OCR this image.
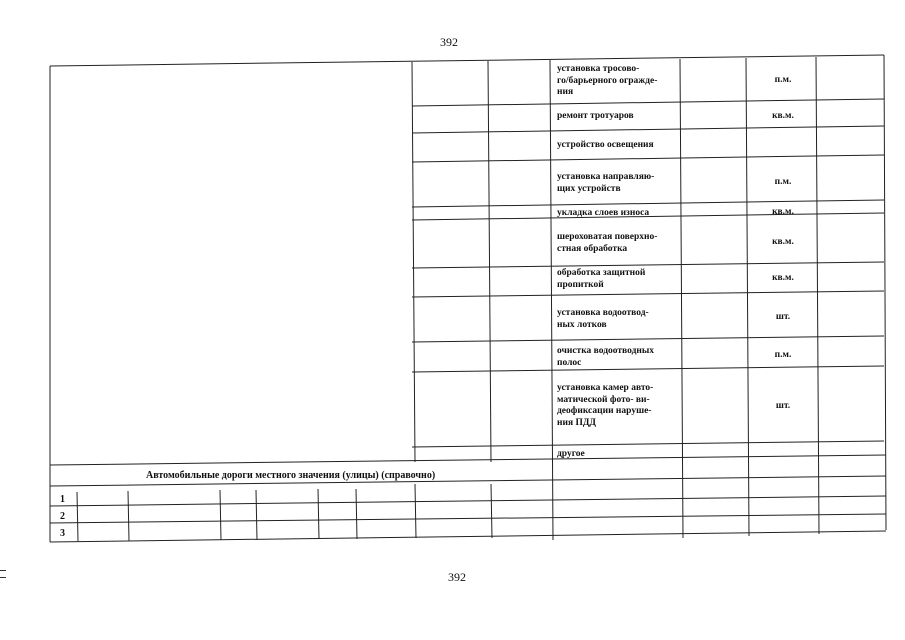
392
установка тросово-
го/барьерного огражде-
ния
п.м.
ремонт тротуаров	кв.м.
устройство освещения
установка направляю-
щих устройств
п.м.
укладка слоев износа	кв.м.
шероховатая поверхно-
стная обработка
кв.м.
обработка защитной
пропиткой
кв.м.
установка водоотвод-
ных лотков
шт.
очистка водоотводных
полос
п.м.
установка камер авто-
матической фото- ви-
деофиксации наруше-
ния ПДД
шт.
другое
Автомобильные дороги местного значения (улицы) (справочно)
1
2
3
392
